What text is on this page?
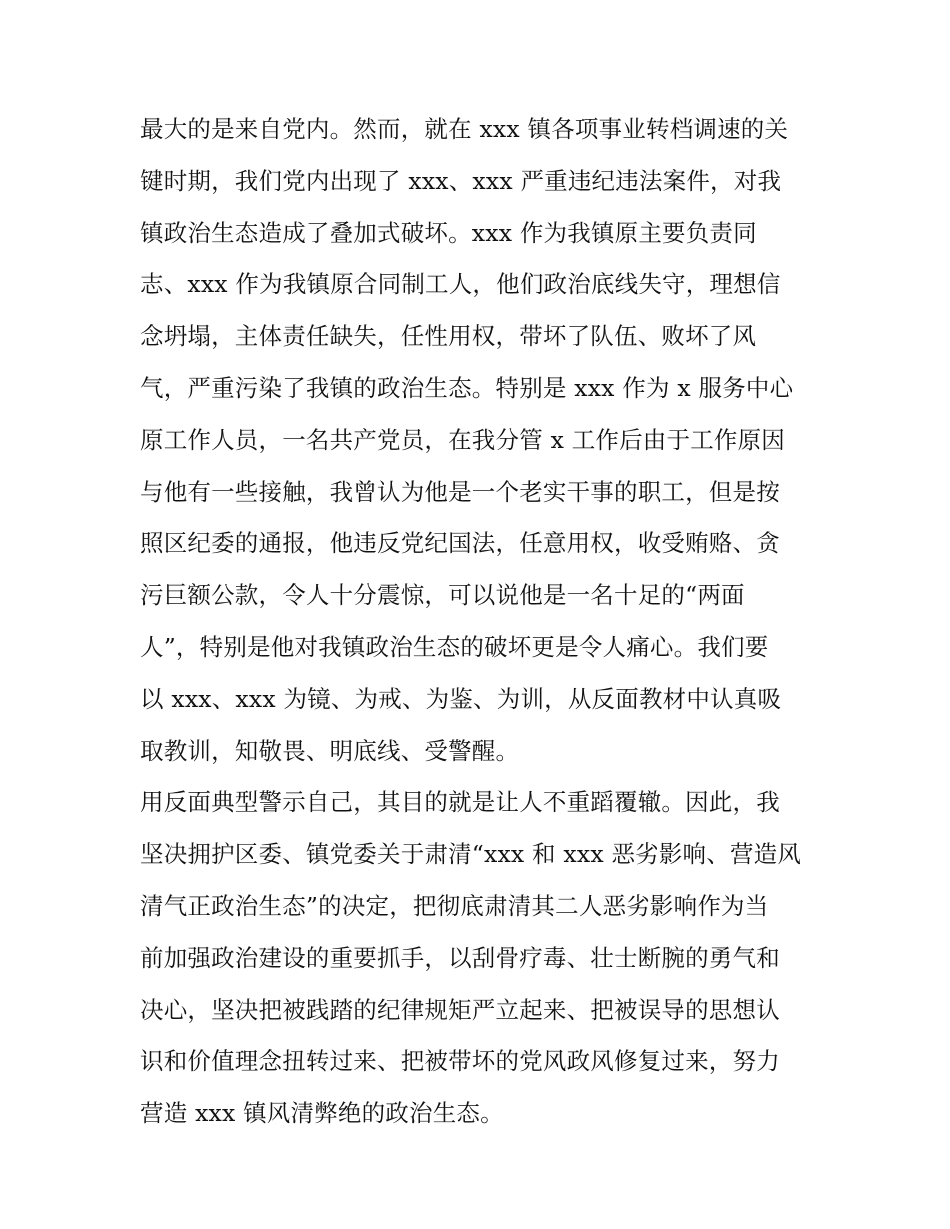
最大的是来自党内。然而，就在 xxx 镇各项事业转档调速的关
键时期，我们党内出现了 xxx、xxx 严重违纪违法案件，对我
镇政治生态造成了叠加式破坏。xxx 作为我镇原主要负责同
志、xxx 作为我镇原合同制工人，他们政治底线失守，理想信
念坍塌，主体责任缺失，任性用权，带坏了队伍、败坏了风
气，严重污染了我镇的政治生态。特别是 xxx 作为 x 服务中心
原工作人员，一名共产党员，在我分管 x 工作后由于工作原因
与他有一些接触，我曾认为他是一个老实干事的职工，但是按
照区纪委的通报，他违反党纪国法，任意用权，收受贿赂、贪
污巨额公款，令人十分震惊，可以说他是一名十足的“两面
人”，特别是他对我镇政治生态的破坏更是令人痛心。我们要
以 xxx、xxx 为镜、为戒、为鉴、为训，从反面教材中认真吸
取教训，知敬畏、明底线、受警醒。
用反面典型警示自己，其目的就是让人不重蹈覆辙。因此，我
坚决拥护区委、镇党委关于肃清“xxx 和 xxx 恶劣影响、营造风
清气正政治生态”的决定，把彻底肃清其二人恶劣影响作为当
前加强政治建设的重要抓手，以刮骨疗毒、壮士断腕的勇气和
决心，坚决把被践踏的纪律规矩严立起来、把被误导的思想认
识和价值理念扭转过来、把被带坏的党风政风修复过来，努力
营造 xxx 镇风清弊绝的政治生态。
